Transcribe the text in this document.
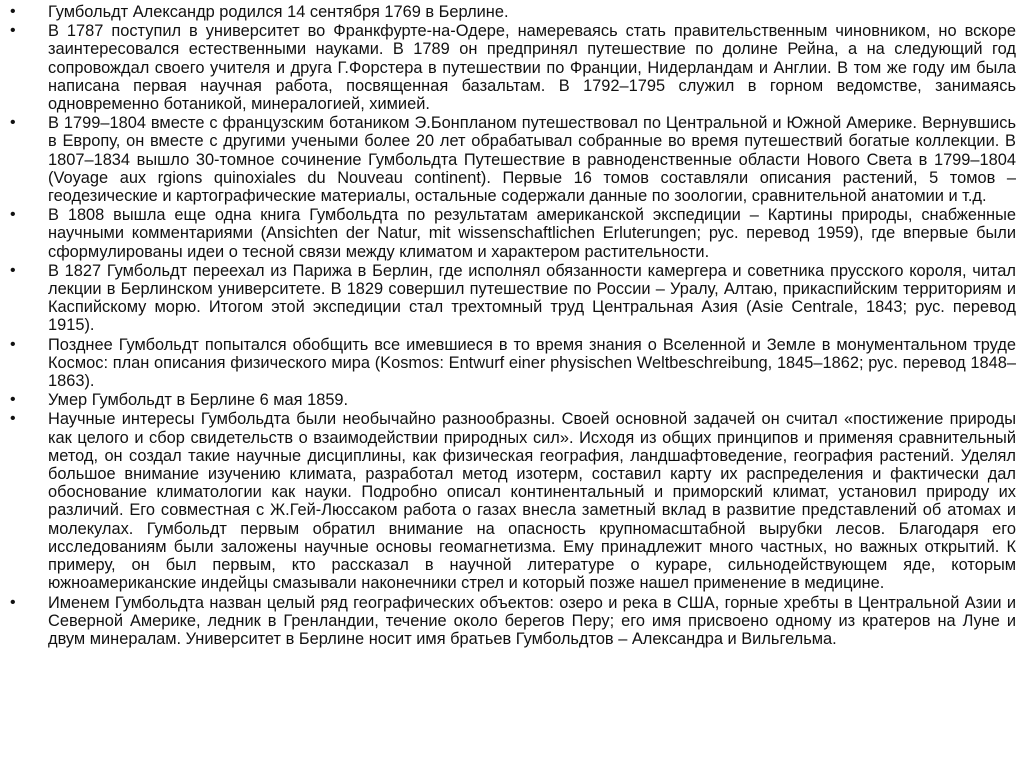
•	Гумбольдт Александр родился 14 сентября 1769 в Берлине.
•	В 1787 поступил в университет во Франкфурте-на-Одере, намереваясь стать правительственным чиновником, но вскоре заинтересовался естественными науками. В 1789 он предпринял путешествие по долине Рейна, а на следующий год сопровождал своего учителя и друга Г.Форстера в путешествии по Франции, Нидерландам и Англии. В том же году им была написана первая научная работа, посвященная базальтам. В 1792–1795 служил в горном ведомстве, занимаясь одновременно ботаникой, минералогией, химией.
•	В 1799–1804 вместе с французским ботаником Э.Бонпланом путешествовал по Центральной и Южной Америке. Вернувшись в Европу, он вместе с другими учеными более 20 лет обрабатывал собранные во время путешествий богатые коллекции. В 1807–1834 вышло 30-томное сочинение Гумбольдта Путешествие в равноденственные области Нового Света в 1799–1804 (Voyage aux rgions quinoxiales du Nouveau continent). Первые 16 томов составляли описания растений, 5 томов – геодезические и картографические материалы, остальные содержали данные по зоологии, сравнительной анатомии и т.д.
•	В 1808 вышла еще одна книга Гумбольдта по результатам американской экспедиции – Картины природы, снабженные научными комментариями (Ansichten der Natur, mit wissenschaftlichen Erluterungen; рус. перевод 1959), где впервые были сформулированы идеи о тесной связи между климатом и характером растительности.
•	В 1827 Гумбольдт переехал из Парижа в Берлин, где исполнял обязанности камергера и советника прусского короля, читал лекции в Берлинском университете. В 1829 совершил путешествие по России – Уралу, Алтаю, прикаспийским территориям и Каспийскому морю. Итогом этой экспедиции стал трехтомный труд Центральная Азия (Asie Centrale, 1843; рус. перевод 1915).
•	Позднее Гумбольдт попытался обобщить все имевшиеся в то время знания о Вселенной и Земле в монументальном труде Космос: план описания физического мира (Kosmos: Entwurf einer physischen Weltbeschreibung, 1845–1862; рус. перевод 1848–1863).
•	Умер Гумбольдт в Берлине 6 мая 1859.
•	Научные интересы Гумбольдта были необычайно разнообразны. Своей основной задачей он считал «постижение природы как целого и сбор свидетельств о взаимодействии природных сил». Исходя из общих принципов и применяя сравнительный метод, он создал такие научные дисциплины, как физическая география, ландшафтоведение, география растений. Уделял большое внимание изучению климата, разработал метод изотерм, составил карту их распределения и фактически дал обоснование климатологии как науки. Подробно описал континентальный и приморский климат, установил природу их различий. Его совместная с Ж.Гей-Люссаком работа о газах внесла заметный вклад в развитие представлений об атомах и молекулах. Гумбольдт первым обратил внимание на опасность крупномасштабной вырубки лесов. Благодаря его исследованиям были заложены научные основы геомагнетизма. Ему принадлежит много частных, но важных открытий. К примеру, он был первым, кто рассказал в научной литературе о кураре, сильнодействующем яде, которым южноамериканские индейцы смазывали наконечники стрел и который позже нашел применение в медицине.
•	Именем Гумбольдта назван целый ряд географических объектов: озеро и река в США, горные хребты в Центральной Азии и Северной Америке, ледник в Гренландии, течение около берегов Перу; его имя присвоено одному из кратеров на Луне и двум минералам. Университет в Берлине носит имя братьев Гумбольдтов – Александра и Вильгельма.
